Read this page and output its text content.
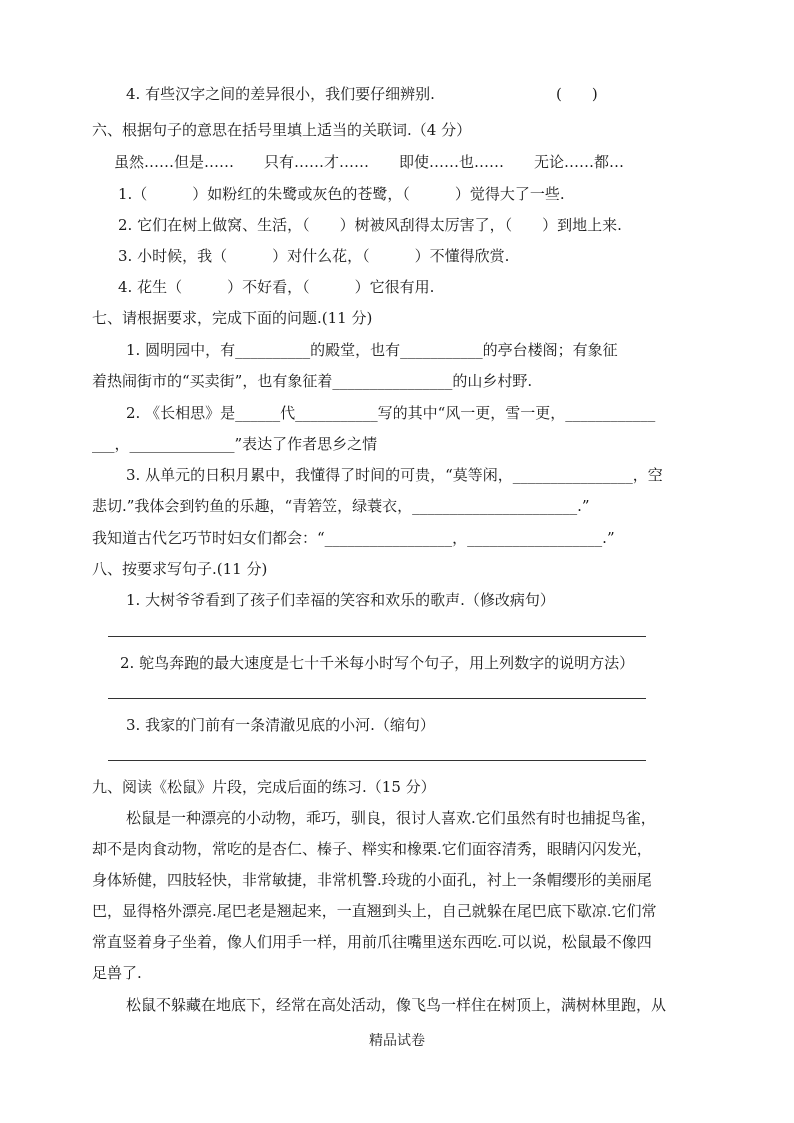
4. 有些汉字之间的差异很小，我们要仔细辨别.	(　　)
六、根据句子的意思在括号里填上适当的关联词.（4 分）
虽然……但是……　　只有……才……　　即使……也……　　无论……都…
1.（　　　）如粉红的朱鹭或灰色的苍鹭，（　　　）觉得大了一些.
2. 它们在树上做窝、生活，（　　）树被风刮得太厉害了，（　　）到地上来.
3. 小时候，我（　　　）对什么花，（　　　）不懂得欣赏.
4. 花生（　　　）不好看，（　　　）它很有用.
七、请根据要求，完成下面的问题.(11 分)
1. 圆明园中，有__________的殿堂，也有___________的亭台楼阁；有象征
着热闹街市的“买卖街”，也有象征着________________的山乡村野.
2. 《长相思》是______代___________写的其中“风一更，雪一更，____________
___，______________”表达了作者思乡之情
3. 从单元的日积月累中，我懂得了时间的可贵，“莫等闲，________________，空
悲切.”我体会到钓鱼的乐趣，“青箬笠，绿蓑衣，______________________.”
我知道古代乞巧节时妇女们都会：“_________________，__________________.”
八、按要求写句子.(11 分)
1. 大树爷爷看到了孩子们幸福的笑容和欢乐的歌声.（修改病句）
2. 鸵鸟奔跑的最大速度是七十千米每小时写个句子，用上列数字的说明方法）
3. 我家的门前有一条清澈见底的小河.（缩句）
九、阅读《松鼠》片段，完成后面的练习.（15 分）
松鼠是一种漂亮的小动物，乖巧，驯良，很讨人喜欢.它们虽然有时也捕捉鸟雀，
却不是肉食动物，常吃的是杏仁、榛子、榉实和橡栗.它们面容清秀，眼睛闪闪发光，
身体矫健，四肢轻快，非常敏捷，非常机警.玲珑的小面孔，衬上一条帽缨形的美丽尾
巴，显得格外漂亮.尾巴老是翘起来，一直翘到头上，自己就躲在尾巴底下歇凉.它们常
常直竖着身子坐着，像人们用手一样，用前爪往嘴里送东西吃.可以说，松鼠最不像四
足兽了.
松鼠不躲藏在地底下，经常在高处活动，像飞鸟一样住在树顶上，满树林里跑，从
精品试卷
